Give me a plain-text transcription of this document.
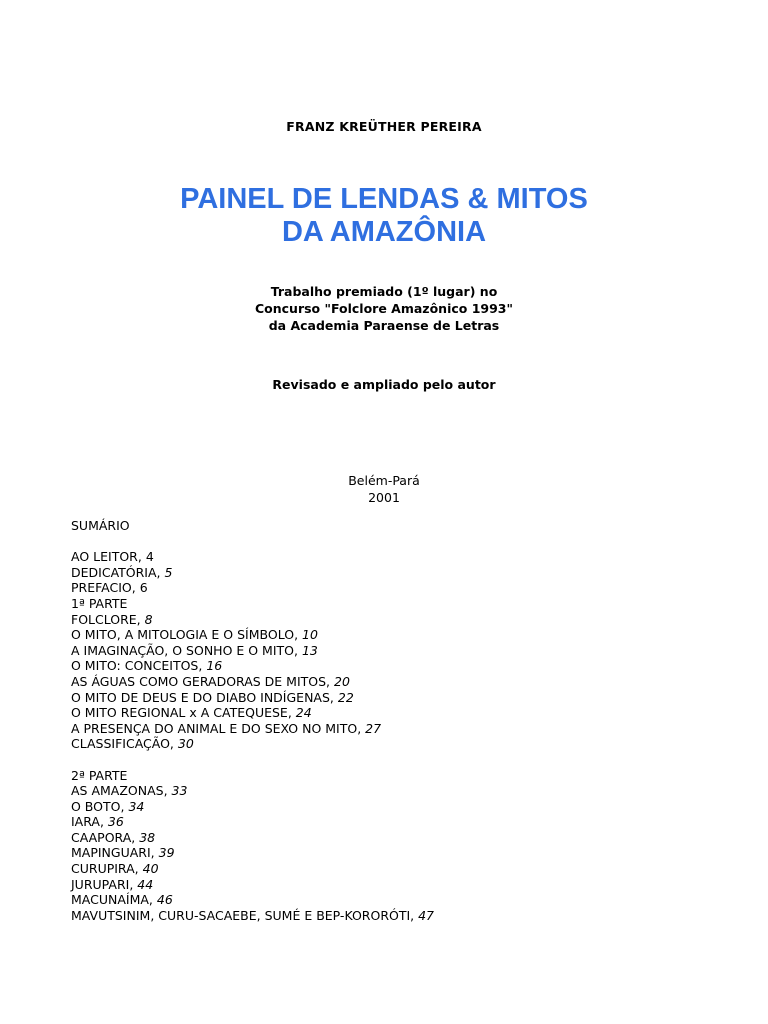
FRANZ KREÜTHER PEREIRA
PAINEL DE LENDAS & MITOS
DA AMAZÔNIA
Trabalho premiado (1º lugar) no
Concurso "Folclore Amazônico 1993"
da Academia Paraense de Letras
Revisado e ampliado pelo autor
Belém-Pará
2001
SUMÁRIO
AO LEITOR, 4
DEDICATÓRIA, 5
PREFACIO, 6
1ª PARTE
FOLCLORE, 8
O MITO, A MITOLOGIA E O SÍMBOLO, 10
A IMAGINAÇÃO, O SONHO E O MITO, 13
O MITO: CONCEITOS, 16
AS ÁGUAS COMO GERADORAS DE MITOS, 20
O MITO DE DEUS E DO DIABO INDÍGENAS, 22
O MITO REGIONAL x A CATEQUESE, 24
A PRESENÇA DO ANIMAL E DO SEXO NO MITO, 27
CLASSIFICAÇÃO, 30
2ª PARTE
AS AMAZONAS, 33
O BOTO, 34
IARA, 36
CAAPORA, 38
MAPINGUARI, 39
CURUPIRA, 40
JURUPARI, 44
MACUNAÍMA, 46
MAVUTSINIM, CURU-SACAEBE, SUMÉ E BEP-KORORÓTI, 47
